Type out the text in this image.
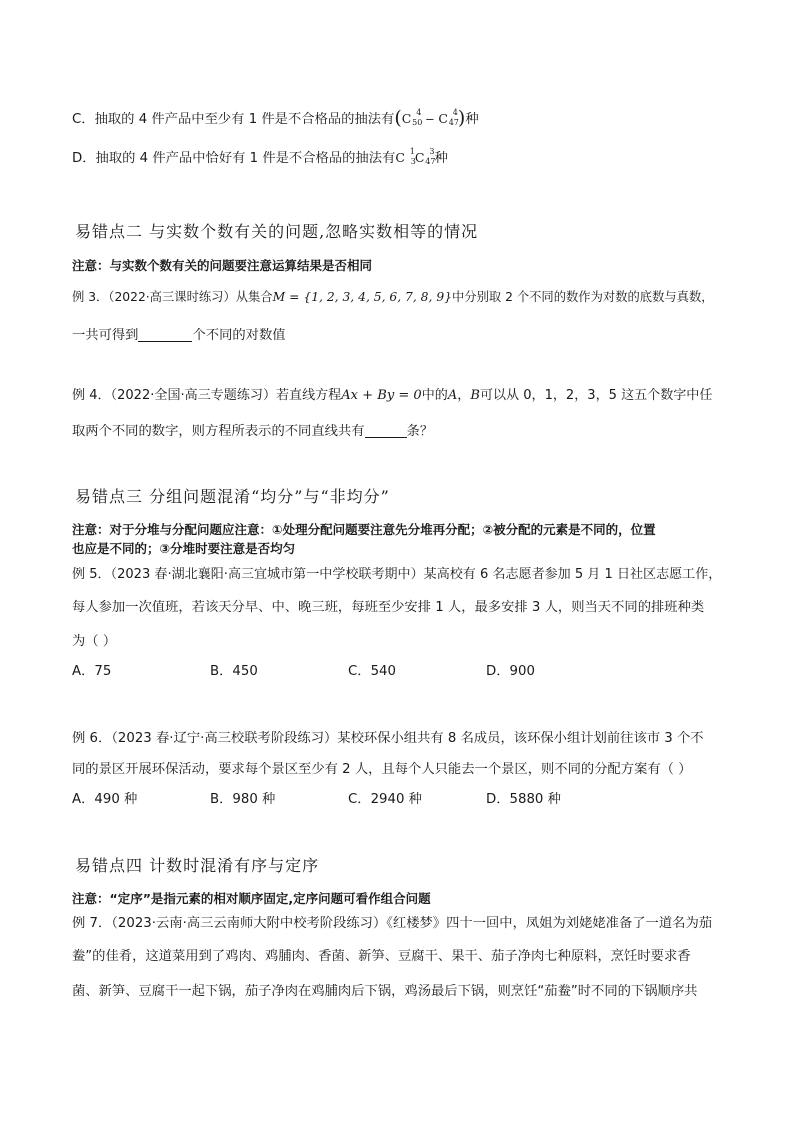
C．抽取的 4 件产品中至少有 1 件是不合格品的抽法有(C 4
50 − C 4
47 )种
D．抽取的 4 件产品中恰好有 1 件是不合格品的抽法有C 1
3 C 3
47 种
易错点二 与实数个数有关的问题,忽略实数相等的情况
注意：与实数个数有关的问题要注意运算结果是否相同
例 3．（2022·高三课时练习）从集合M = {1, 2, 3, 4, 5, 6, 7, 8, 9}中分别取 2 个不同的数作为对数的底数与真数，
一共可得到	个不同的对数值
例 4．（2022·全国·高三专题练习）若直线方程Ax + By = 0中的A，B可以从 0，1，2，3，5 这五个数字中任
取两个不同的数字，则方程所表示的不同直线共有	条？
易错点三 分组问题混淆“均分”与“非均分”
注意：对于分堆与分配问题应注意：①处理分配问题要注意先分堆再分配；②被分配的元素是不同的，位置
也应是不同的；③分堆时要注意是否均匀
例 5．（2023 春·湖北襄阳·高三宜城市第一中学校联考期中）某高校有 6 名志愿者参加 5 月 1 日社区志愿工作，
每人参加一次值班，若该天分早、中、晚三班，每班至少安排 1 人，最多安排 3 人，则当天不同的排班种类
为（ ）
A．75	B．450	C．540	D．900
例 6．（2023 春·辽宁·高三校联考阶段练习）某校环保小组共有 8 名成员，该环保小组计划前往该市 3 个不
同的景区开展环保活动，要求每个景区至少有 2 人，且每个人只能去一个景区，则不同的分配方案有（ ）
A．490 种	B．980 种	C．2940 种	D．5880 种
易错点四 计数时混淆有序与定序
注意：“定序”是指元素的相对顺序固定,定序问题可看作组合问题
例 7．（2023·云南·高三云南师大附中校考阶段练习）《红楼梦》四十一回中，凤姐为刘姥姥准备了一道名为茄
鲞”的佳肴，这道菜用到了鸡肉、鸡脯肉、香菌、新笋、豆腐干、果干、茄子净肉七种原料，烹饪时要求香
菌、新笋、豆腐干一起下锅，茄子净肉在鸡脯肉后下锅，鸡汤最后下锅，则烹饪“茄鲞”时不同的下锅顺序共
